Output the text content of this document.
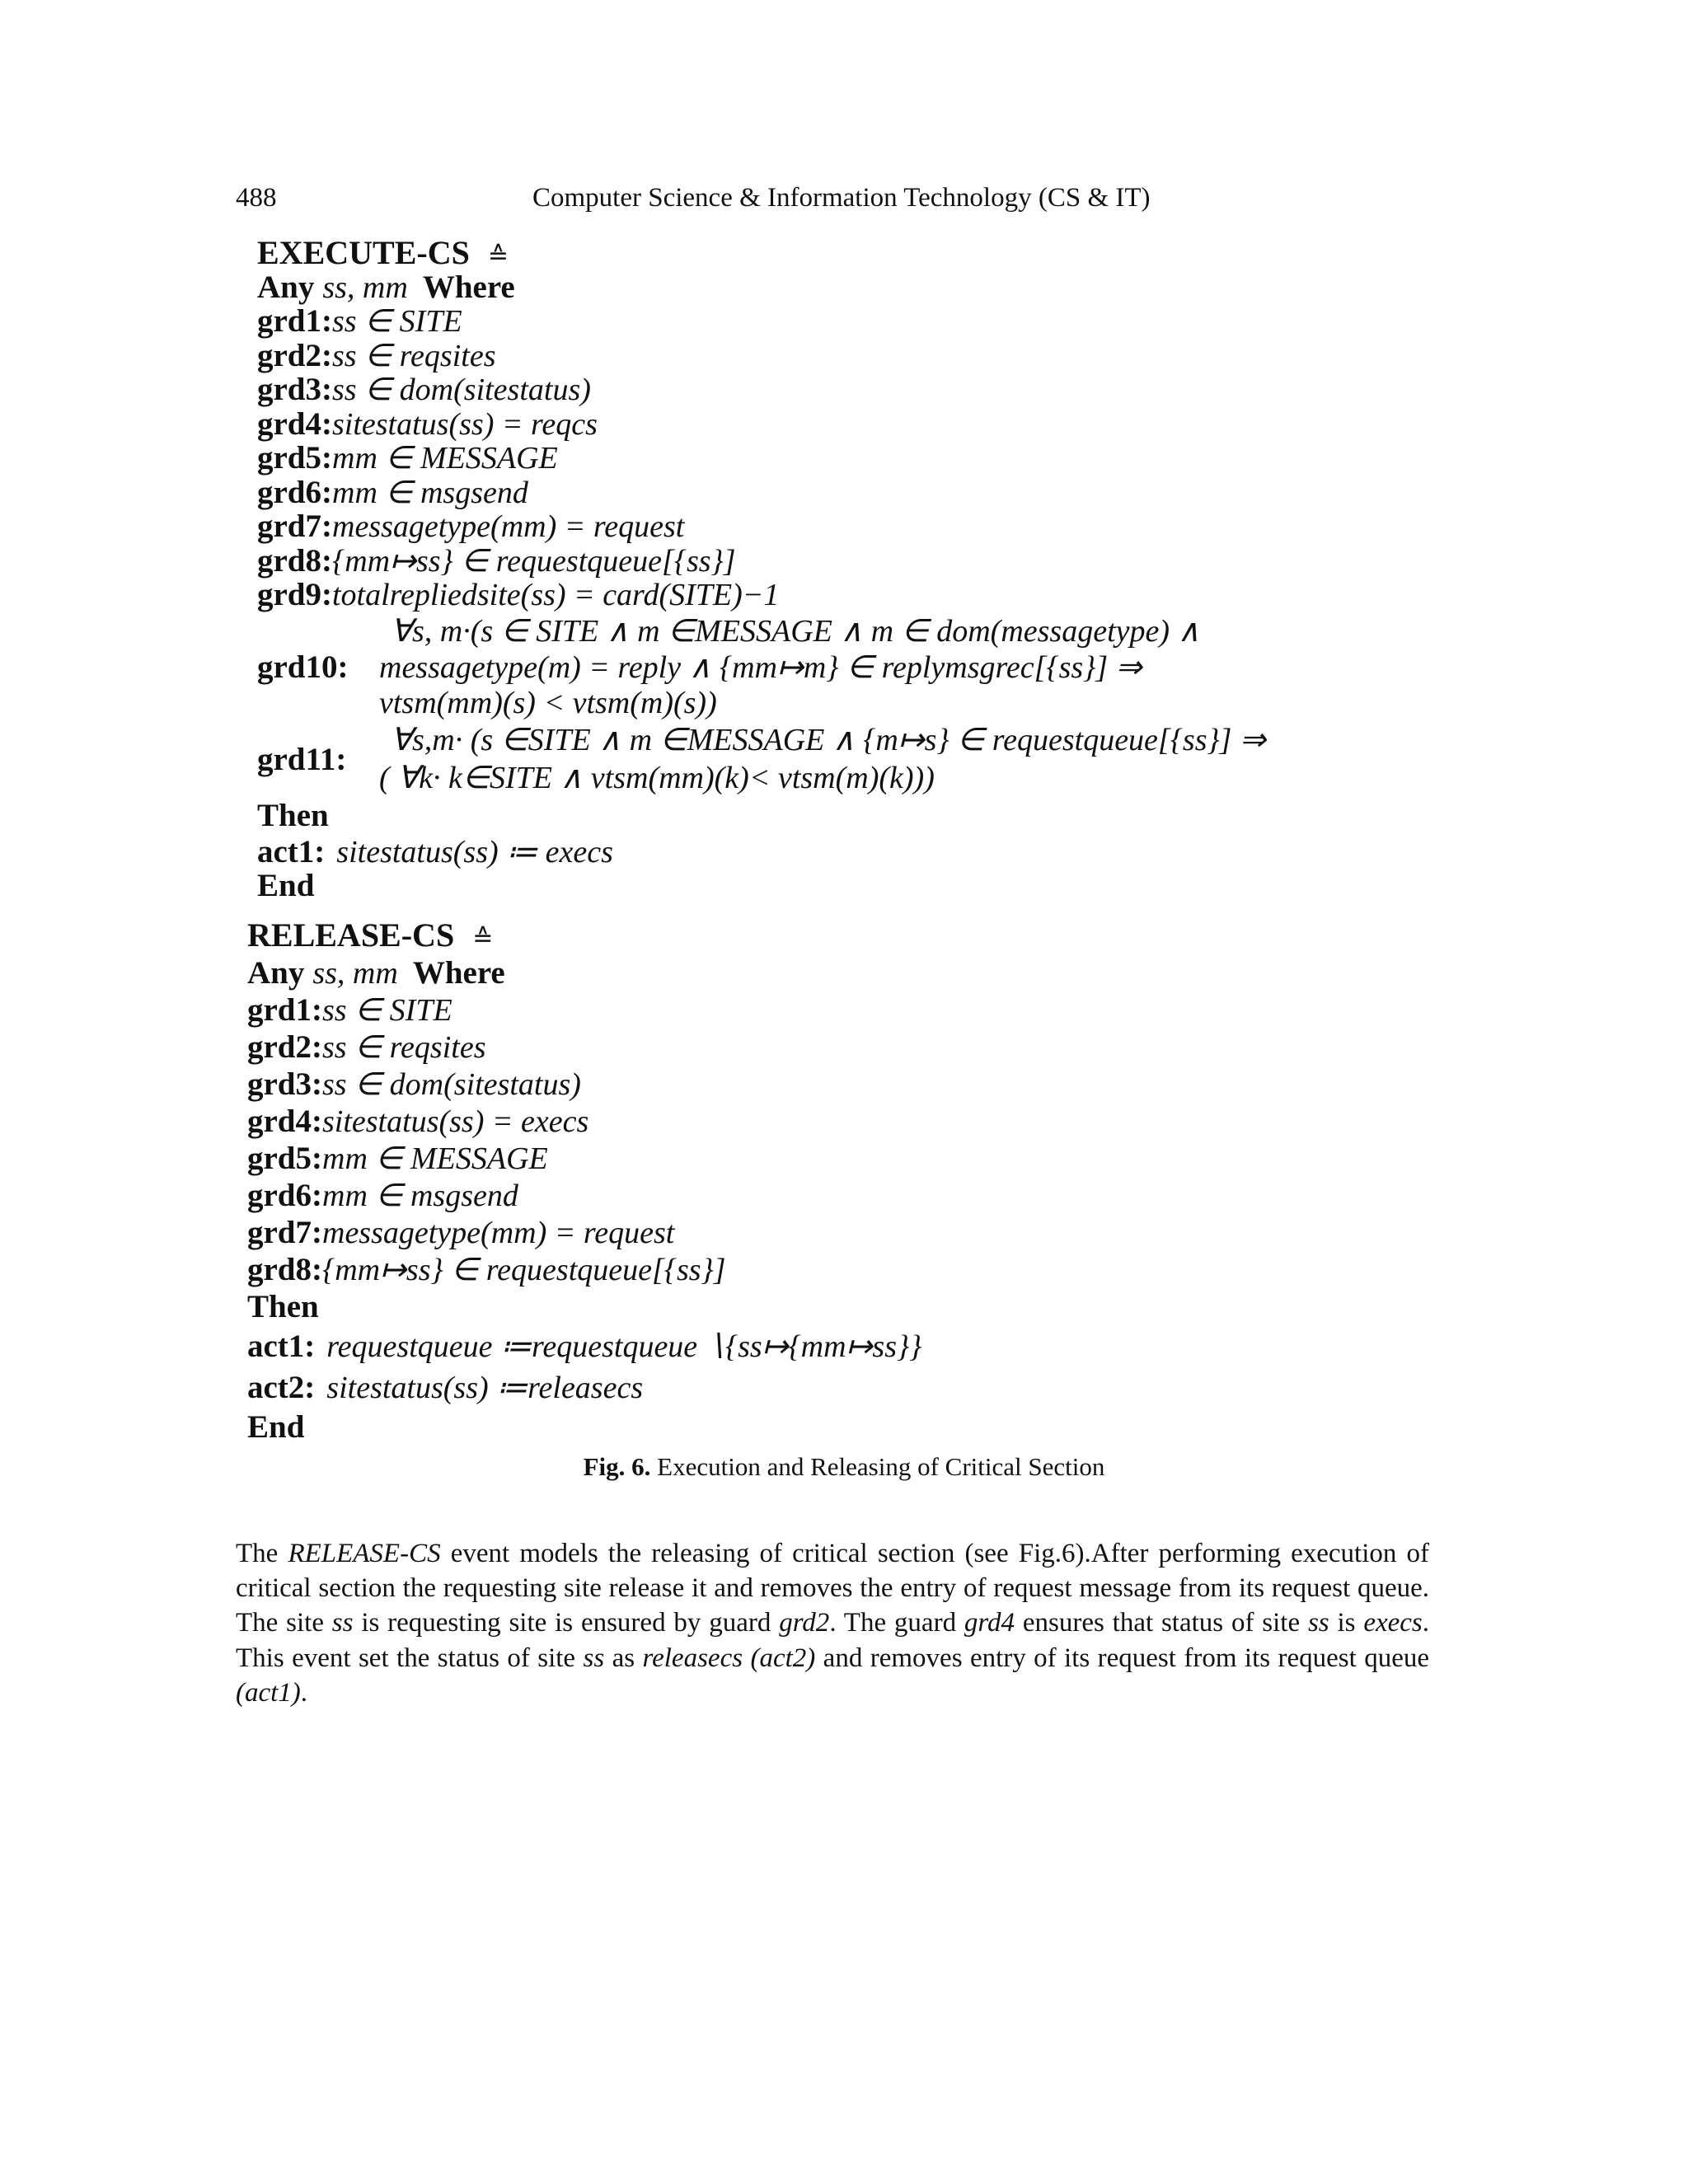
488	Computer Science & Information Technology (CS & IT)
EXECUTE-CS ≙
Any ss, mm Where
grd1:ss ∈ SITE
grd2:ss ∈ reqsites
grd3:ss ∈ dom(sitestatus)
grd4:sitestatus(ss) = reqcs
grd5:mm ∈ MESSAGE
grd6:mm ∈ msgsend
grd7:messagetype(mm) = request
grd8:{mm↦ss} ∈ requestqueue[{ss}]
grd9:totalrepliedsite(ss) = card(SITE)−1
grd10:
∀s, m·(s ∈ SITE ∧ m ∈MESSAGE ∧ m ∈ dom(messagetype) ∧
messagetype(m) = reply ∧ {mm↦m} ∈ replymsgrec[{ss}] ⇒
vtsm(mm)(s) < vtsm(m)(s))
grd11:
∀s,m· (s ∈SITE ∧ m ∈MESSAGE ∧ {m↦s} ∈ requestqueue[{ss}] ⇒
( ∀k· k∈SITE ∧ vtsm(mm)(k)< vtsm(m)(k)))
Then
act1: sitestatus(ss) ≔ execs
End
RELEASE-CS ≙
Any ss, mm Where
grd1:ss ∈ SITE
grd2:ss ∈ reqsites
grd3:ss ∈ dom(sitestatus)
grd4:sitestatus(ss) = execs
grd5:mm ∈ MESSAGE
grd6:mm ∈ msgsend
grd7:messagetype(mm) = request
grd8:{mm↦ss} ∈ requestqueue[{ss}]
Then
act1: requestqueue ≔requestqueue ∖{ss↦{mm↦ss}}
act2: sitestatus(ss) ≔releasecs
End
Fig. 6. Execution and Releasing of Critical Section
The RELEASE-CS event models the releasing of critical section (see Fig.6).After performing execution of critical section the requesting site release it and removes the entry of request message from its request queue. The site ss is requesting site is ensured by guard grd2. The guard grd4 ensures that status of site ss is execs. This event set the status of site ss as releasecs (act2) and removes entry of its request from its request queue (act1).
